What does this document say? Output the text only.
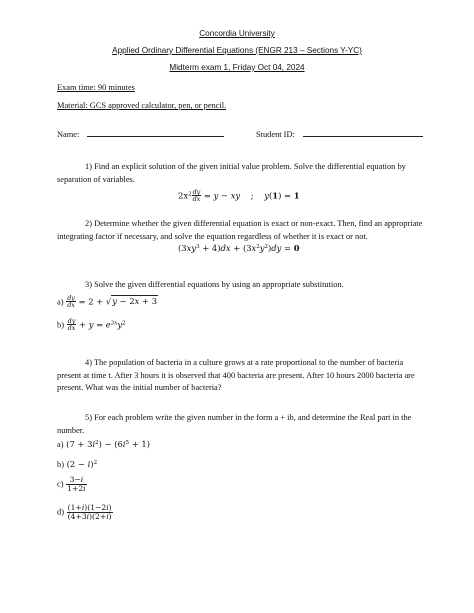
Concordia University
Applied Ordinary Differential Equations (ENGR 213 – Sections Y-YC)
Midterm exam 1, Friday Oct 04, 2024
Exam time: 90 minutes
Material: GCS approved calculator, pen, or pencil.
Name:	Student ID:
1) Find an explicit solution of the given initial value problem. Solve the differential equation by separation of variables.
$2x^2 \frac{dy}{dx} = y$ − xy    ;    y(1) = 1
2) Determine whether the given differential equation is exact or non-exact. Then, find an appropriate integrating factor if necessary, and solve the equation regardless of whether it is exact or not.
$(3xy^3 + 4)dx + (3x^2y^2)dy = 0$
3) Solve the given differential equations by using an appropriate substitution.
$a) \frac{dy}{dx} = 2 + √y - 2x + 3$
$b) \frac{dy}{dx} + y = e^{3x}y^2$
4) The population of bacteria in a culture grows at a rate proportional to the number of bacteria present at time t. After 3 hours it is observed that 400 bacteria are present. After 10 hours 2000 bacteria are present. What was the initial number of bacteria?
5) For each problem write the given number in the form a + ib, and determine the Real part in the number.
a) $(7 + 3i^2) - (6i^5 + 1)$
b) $(2 - i)^2$
$c) \frac{3-i}{1+2i}$
$d) \frac{(1+i)(1-2i)}{(4+3i)(2+i)}$
